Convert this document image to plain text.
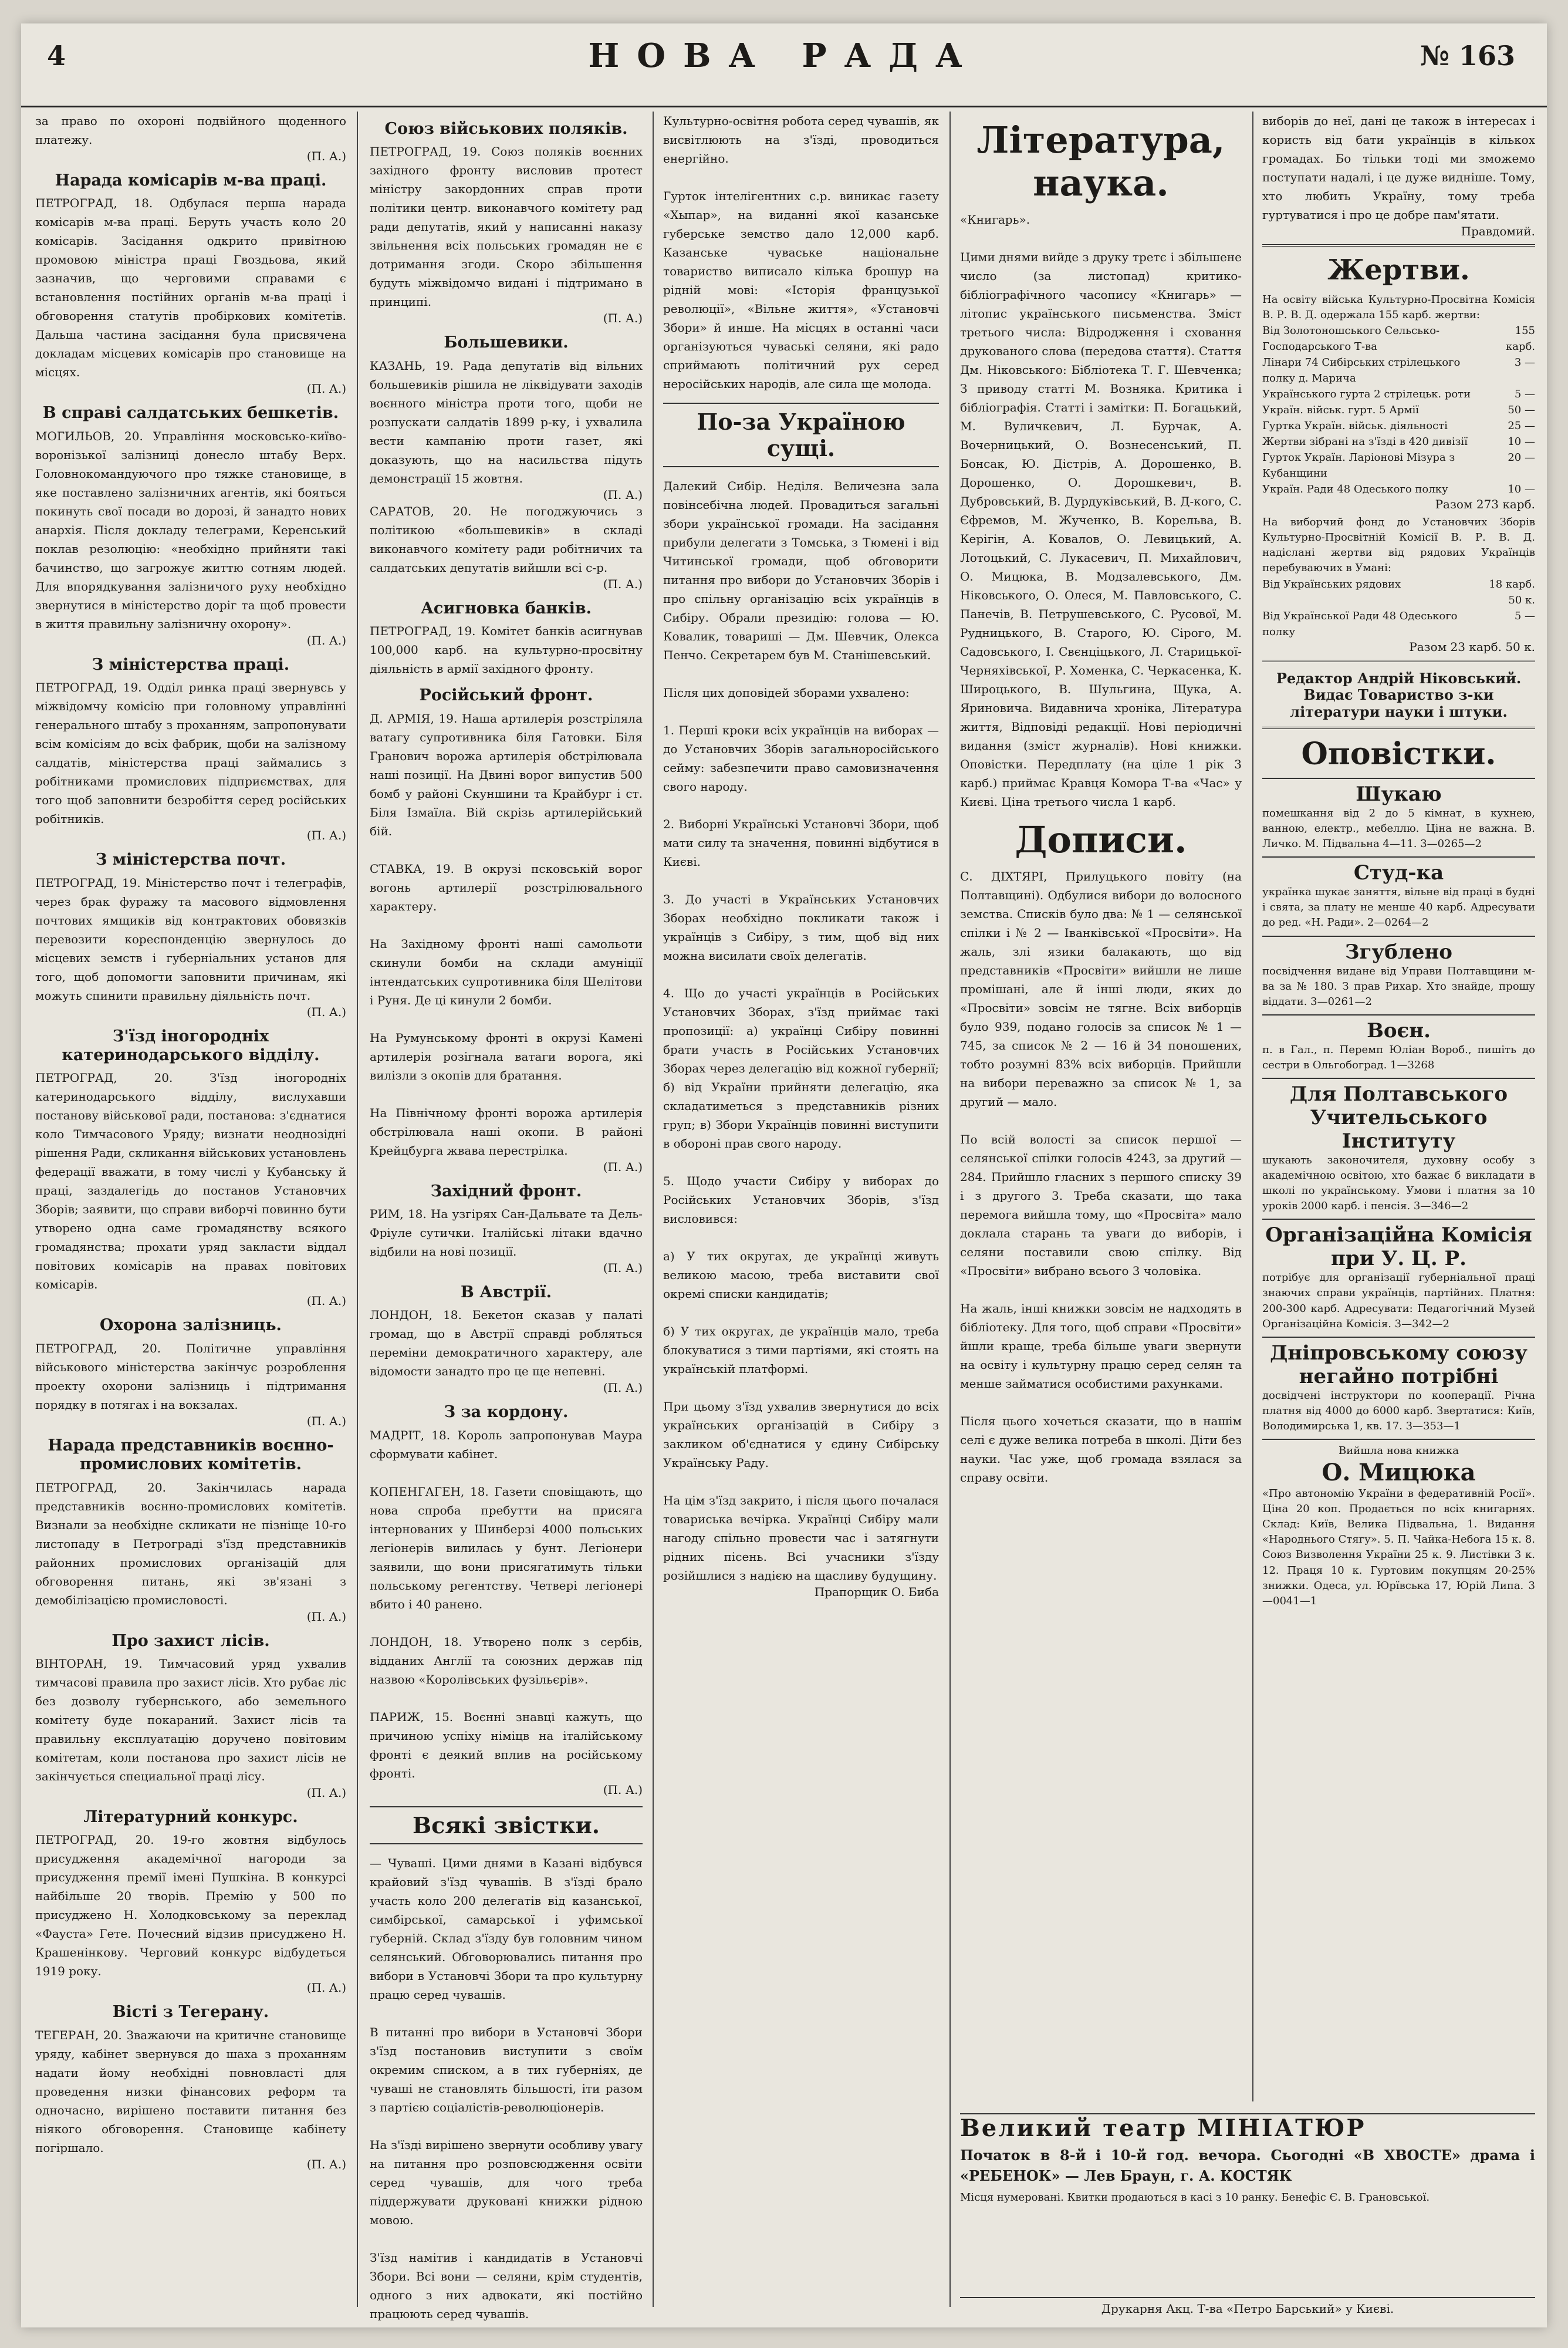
4	НОВА РАДА	№ 163
за право по охороні подвійного щоденного платежу.
(П. А.)
Нарада комісарів м-ва праці.
ПЕТРОГРАД, 18. Одбулася перша нарада комісарів м-ва праці. Беруть участь коло 20 комісарів. Засідання одкрито привітною промовою міністра праці Гвоздьова, який зазначив, що черговими справами є встановлення постійних органів м-ва праці і обговорення статутів пробіркових комітетів. Дальша частина засідання була присвячена докладам місцевих комісарів про становище на місцях.
(П. А.)
В справі салдатських бешкетів.
МОГИЛЬОВ, 20. Управління московсько-київо-воронізької залізниці донесло штабу Верх. Головнокомандуючого про тяжке становище, в яке поставлено залізничних агентів, які бояться покинуть свої посади во дорозі, й занадто нових анархія. Після докладу телеграми, Керенський поклав резолюцію: «необхідно прийняти такі бачинство, що загрожує життю сотням людей. Для впорядкування залізничого руху необхідно звернутися в міністерство доріг та щоб провести в життя правильну залізничну охорону».
(П. А.)
З міністерства праці.
ПЕТРОГРАД, 19. Одділ ринка праці звернувсь у міжвідомчу комісію при головному управлінні генерального штабу з проханням, запропонувати всім комісіям до всіх фабрик, щоби на залізному салдатів, міністерства праці займались з робітниками промислових підприємствах, для того щоб заповнити безробіття серед російських робітників.
(П. А.)
З міністерства почт.
ПЕТРОГРАД, 19. Міністерство почт і телеграфів, через брак фуражу та масового відмовлення почтових ямщиків від контрактових обовязків перевозити кореспонденцію звернулось до місцевих земств і губерніальних установ для того, щоб допомогти заповнити причинам, які можуть спинити правильну діяльність почт.
(П. А.)
З'їзд іногородніх катеринодарського відділу.
ПЕТРОГРАД, 20. З'їзд іногородніх катеринодарського відділу, вислухавши постанову військової ради, постанова: з'єднатися коло Тимчасового Уряду; визнати неоднозідні рішення Ради, скликання військових установлень федерації вважати, в тому числі у Кубанську й праці, заздалегідь до постанов Установчих Зборів; заявити, що справи виборчі повинно бути утворено одна саме громадянству всякого громадянства; прохати уряд закласти віддал повітових комісарів на правах повітових комісарів.
(П. А.)
Охорона залізниць.
ПЕТРОГРАД, 20. Політичне управління військового міністерства закінчує розроблення проекту охорони залізниць і підтримання порядку в потягах і на вокзалах.
(П. А.)
Нарада представників воєнно-промислових комітетів.
ПЕТРОГРАД, 20. Закінчилась нарада представників воєнно-промислових комітетів. Визнали за необхідне скликати не пізніще 10-го листопаду в Петрограді з'їзд представників районних промислових організацій для обговорення питань, які зв'язані з демобілізацією промисловості.
(П. А.)
Про захист лісів.
ВІНТОРАН, 19. Тимчасовий уряд ухвалив тимчасові правила про захист лісів. Хто рубає ліс без дозволу губернського, або земельного комітету буде покараний. Захист лісів та правильну експлуатацію доручено повітовим комітетам, коли постанова про захист лісів не закінчується специальної праці лісу.
(П. А.)
Літературний конкурс.
ПЕТРОГРАД, 20. 19-го жовтня відбулось присудження академічної нагороди за присудження премії імені Пушкіна. В конкурсі найбільше 20 творів. Премію у 500 по присуджено Н. Холодковському за переклад «Фауста» Гете. Почесний відзив присуджено Н. Крашенінкову. Черговий конкурс відбудеться 1919 року.
(П. А.)
Вісті з Тегерану.
ТЕГЕРАН, 20. Зважаючи на критичне становище уряду, кабінет звернувся до шаха з проханням надати йому необхідні повновласті для проведення низки фінансових реформ та одночасно, вирішено поставити питання без ніякого обговорення. Становище кабінету погіршало.
(П. А.)
Союз військових поляків.
ПЕТРОГРАД, 19. Союз поляків воєнних західного фронту висловив протест міністру закордонних справ проти політики центр. виконавчого комітету рад ради депутатів, який у написанні наказу звільнення всіх польських громадян не є дотримання згоди. Скоро збільшення будуть міжвідомчо видані і підтримано в принципі.
(П. А.)
Большевики.
КАЗАНЬ, 19. Рада депутатів від вільних большевиків рішила не ліквідувати заходів воєнного міністра проти того, щоби не розпускати салдатів 1899 р-ку, і ухвалила вести кампанію проти газет, які доказують, що на насильства підуть демонстрації 15 жовтня.
(П. А.)
САРАТОВ, 20. Не погоджуючись з політикою «большевиків» в складі виконавчого комітету ради робітничих та салдатських депутатів вийшли всі с-р.
(П. А.)
Асигновка банків.
ПЕТРОГРАД, 19. Комітет банків асигнував 100,000 карб. на культурно-просвітну діяльність в армії західного фронту.
Російський фронт.
Д. АРМІЯ, 19. Наша артилерія розстріляла ватагу супротивника біля Гатовки. Біля Гранович ворожа артилерія обстрілювала наші позиції. На Двині ворог випустив 500 бомб у районі Скуншини та Крайбург і ст. Біля Ізмаїла. Вій скрізь артилерійський бій.

СТАВКА, 19. В окрузі псковській ворог вогонь артилерії розстрілювального характеру.

На Західному фронті наші самольоти скинули бомби на склади амуніції інтендатських супротивника біля Шелітови і Руня. Де ці кинули 2 бомби.

На Румунському фронті в окрузі Камені артилерія розігнала ватаги ворога, які вилізли з окопів для братання.

На Північному фронті ворожа артилерія обстрілювала наші окопи. В районі Крейцбурга жвава перестрілка.
(П. А.)
Західний фронт.
РИМ, 18. На узгірях Сан-Дальвате та Дель-Фріуле сутички. Італійські літаки вдачно відбили на нові позиції.
(П. А.)
В Австрії.
ЛОНДОН, 18. Бекетон сказав у палаті громад, що в Австрії справді робляться переміни демократичного характеру, але відомости занадто про це ще непевні.
(П. А.)
З за кордону.
МАДРІТ, 18. Король запропонував Маура сформувати кабінет.

КОПЕНГАГЕН, 18. Газети сповіщають, що нова спроба пребутти на присяга інтернованих у Шинберзі 4000 польських легіонерів вилилась у бунт. Легіонери заявили, що вони присягатимуть тільки польському регентству. Четвері легіонері вбито і 40 ранено.

ЛОНДОН, 18. Утворено полк з сербів, відданих Англії та союзних держав під назвою «Королівських фузільєрів».

ПАРИЖ, 15. Воєнні знавці кажуть, що причиною успіху німіцв на італійському фронті є деякий вплив на російському фронті.
(П. А.)
Всякі звістки.
— Чуваші. Цими днями в Казані відбувся крайовий з'їзд чувашів. В з'їзді брало участь коло 200 делегатів від казанської, симбірської, самарської і уфимської губерній. Склад з'їзду був головним чином селянський. Обговорювались питання про вибори в Установчі Збори та про культурну працю серед чувашів.

В питанні про вибори в Установчі Збори з'їзд постановив виступити з своїм окремим списком, а в тих губерніях, де чуваші не становлять більшості, іти разом з партією соціалістів-революціонерів.

На з'їзді вирішено звернути особливу увагу на питання про розповсюдження освіти серед чувашів, для чого треба піддержувати друковані книжки рідною мовою.

З'їзд намітив і кандидатів в Установчі Збори. Всі вони — селяни, крім студентів, одного з них адвокати, які постійно працюють серед чувашів.
Культурно-освітня робота серед чувашів, як висвітлюють на з'їзді, проводиться енергійно.

Гурток інтелігентних с.р. виникає газету «Хыпар», на виданні якої казанське губерське земство дало 12,000 карб. Казанське чуваське національне товариство виписало кілька брошур на рідній мові: «Історія французької революції», «Вільне життя», «Установчі Збори» й инше. На місцях в останні часи організуються чуваські селяни, які радо сприймають політичний рух серед неросійських народів, але сила ще молода.
По-за Україною сущі.
Далекий Сибір. Неділя. Величезна зала повінсебічна людей. Провадиться загальні збори української громади. На засідання прибули делегати з Томська, з Тюмені і від Читинської громади, щоб обговорити питання про вибори до Установчих Зборів і про спільну організацію всіх українців в Сибіру. Обрали президію: голова — Ю. Ковалик, товариші — Дм. Шевчик, Олекса Пенчо. Секретарем був М. Станішевський.

Після цих доповідей зборами ухвалено:

1. Перші кроки всіх українців на виборах — до Установчих Зборів загальноросійського сейму: забезпечити право самовизначення свого народу.

2. Виборні Українські Установчі Збори, щоб мати силу та значення, повинні відбутися в Києві.

3. До участі в Українських Установчих Зборах необхідно покликати також і українців з Сибіру, з тим, щоб від них можна висилати своїх делегатів.

4. Що до участі українців в Російських Установчих Зборах, з'їзд приймає такі пропозиції: а) українці Сибіру повинні брати участь в Російських Установчих Зборах через делегацію від кожної губернії; б) від України прийняти делегацію, яка складатиметься з представників різних груп; в) Збори Українців повинні виступити в обороні прав свого народу.

5. Щодо участи Сибіру у виборах до Російських Установчих Зборів, з'їзд висловився:

a) У тих округах, де українці живуть великою масою, треба виставити свої окремі списки кандидатів;

б) У тих округах, де українців мало, треба блокуватися з тими партіями, які стоять на українській платформі.

При цьому з'їзд ухвалив звернутися до всіх українських організацій в Сибіру з закликом об'єднатися у єдину Сибірську Українську Раду.

На цім з'їзд закрито, і після цього почалася товариська вечірка. Українці Сибіру мали нагоду спільно провести час і затягнути рідних пісень. Всі учасники з'їзду розійшлися з надією на щасливу будущину.
Прапорщик О. Биба
Література, наука.
«Книгарь».

Цими днями вийде з друку третє і збільшене число (за листопад) критико-бібліографічного часопису «Книгарь» — літопис українського письменства. Зміст третього числа: Відродження і сховання друкованого слова (передова стаття). Стаття Дм. Ніковського: Бібліотека Т. Г. Шевченка; З приводу статті М. Возняка. Критика і бібліографія. Статті і замітки: П. Богацький, М. Вуличкевич, Л. Бурчак, А. Вочерницький, О. Вознесенський, П. Бонсак, Ю. Дістрів, А. Дорошенко, В. Дорошенко, О. Дорошкевич, В. Дубровський, В. Дурдуківський, В. Д-кого, С. Єфремов, М. Жученко, В. Корельва, В. Керігін, А. Ковалов, О. Левицький, А. Лотоцький, С. Лукасевич, П. Михайлович, О. Мицюка, В. Модзалевського, Дм. Ніковського, О. Олеся, М. Павловського, С. Панечів, В. Петрушевського, С. Русової, М. Рудницького, В. Старого, Ю. Сірого, М. Садовського, І. Свєнціцького, Л. Старицької-Черняхівської, Р. Хоменка, С. Черкасенка, К. Широцького, В. Шульгина, Щука, А. Яриновича. Видавнича хроніка, Література життя, Відповіді редакції. Нові періодичні видання (зміст журналів). Нові книжки. Оповістки. Передплату (на ціле 1 рік 3 карб.) приймає Кравця Комора Т-ва «Час» у Києві. Ціна третього числа 1 карб.
Дописи.
С. ДІХТЯРІ, Прилуцького повіту (на Полтавщині). Одбулися вибори до волосного земства. Списків було два: № 1 — селянської спілки і № 2 — Іванківської «Просвіти». На жаль, злі язики балакають, що від представників «Просвіти» вийшли не лише промішані, але й інші люди, яких до «Просвіти» зовсім не тягне. Всіх виборців було 939, подано голосів за список № 1 — 745, за список № 2 — 16 й 34 поношених, тобто розумні 83% всіх виборців. Прийшли на вибори переважно за список № 1, за другий — мало.

По всій волості за список першої — селянської спілки голосів 4243, за другий — 284. Прийшло гласних з першого списку 39 і з другого 3. Треба сказати, що така перемога вийшла тому, що «Просвіта» мало доклала старань та уваги до виборів, і селяни поставили свою спілку. Від «Просвіти» вибрано всього 3 чоловіка.

На жаль, інші книжки зовсім не надходять в бібліотеку. Для того, щоб справи «Просвіти» йшли краще, треба більше уваги звернути на освіту і культурну працю серед селян та менше займатися особистими рахунками.

Після цього хочеться сказати, що в нашім селі є дуже велика потреба в школі. Діти без науки. Час уже, щоб громада взялася за справу освіти.
виборів до неї, дані це також в інтересах і користь від бати українців в кількох громадах. Бо тільки тоді ми зможемо поступати надалі, і це дуже видніше. Тому, хто любить Україну, тому треба гуртуватися і про це добре пам'ятати.
Правдомий.
Жертви.
На освіту війська Культурно-Просвітна Комісія В. Р. В. Д. одержала 155 карб. жертви:
Від Золотоношського Сельсько-Господарського Т-ва
155 карб.
Лінари 74 Сибірських стрілецького полку д. Марича
3 —
Українського гурта 2 стрілецьк. роти	5 —
Україн. військ. гурт. 5 Армії	50 —
Гуртка Україн. військ. діяльності	25 —
Жертви зібрані на з'їзді в 420 дивізії	10 —
Гурток Україн. Ларіонові Мізура з Кубанщини
20 —
Україн. Ради 48 Одеського полку	10 —
Разом 273 карб.
На виборчий фонд до Установчих Зборів Культурно-Просвітній Комісії В. Р. В. Д. надіслані жертви від рядових Українців перебуваючих в Умані:
Від Українських рядових	18 карб. 50 к.
Від Української Ради 48 Одеського полку
5 —
Разом 23 карб. 50 к.
Редактор Андрій Ніковський. Видає Товариство з-ки літератури науки і штуки.
Оповістки.
Шукаю
помешкання від 2 до 5 кімнат, в кухнею, ванною, електр., мебеллю. Ціна не важна. В. Личко. М. Підвальна 4—11. 3—0265—2
Студ-ка
українка шукає заняття, вільне від праці в будні і свята, за плату не менше 40 карб. Адресувати до ред. «Н. Ради». 2—0264—2
Згублено
посвідчення видане від Управи Полтавщини м-ва за № 180. З прав Рихар. Хто знайде, прошу віддати. 3—0261—2
Воєн.
п. в Гал., п. Перемп Юліан Вороб., пишіть до сестри в Ольгобоград. 1—3268
Для Полтавського Учительського Інституту
шукають законочителя, духовну особу з академічною освітою, хто бажає б викладати в школі по українському. Умови і платня за 10 уроків 2000 карб. і пенсія. 3—346—2
Організаційна Комісія при У. Ц. Р.
потрібує для організації губерніальної праці знаючих справи українців, партійних. Платня: 200-300 карб. Адресувати: Педагогічний Музей Організаційна Комісія. 3—342—2
Дніпровському союзу негайно потрібні
досвідчені інструктори по кооперації. Річна платня від 4000 до 6000 карб. Звертатися: Київ, Володимирська 1, кв. 17. 3—353—1
Вийшла нова книжка
О. Мицюка
«Про автономію України в федеративній Росії». Ціна 20 коп. Продається по всіх книгарнях. Склад: Київ, Велика Підвальна, 1. Видання «Народнього Стягу». 5. П. Чайка-Небога 15 к. 8. Союз Визволення України 25 к. 9. Листівки 3 к. 12. Праця 10 к. Гуртовим покупцям 20-25% знижки. Одеса, ул. Юрївська 17, Юрій Липа. 3—0041—1
Великий театр МІНІАТЮР
Початок в 8-й і 10-й год. вечора. Сьогодні «В ХВОСТЕ» драма і «РЕБЕНОК» — Лев Браун, г. А. КОСТЯК
Місця нумеровані. Квитки продаються в касі з 10 ранку. Бенефіс Є. В. Грановської.
Друкарня Акц. Т-ва «Петро Барський» у Києві.
